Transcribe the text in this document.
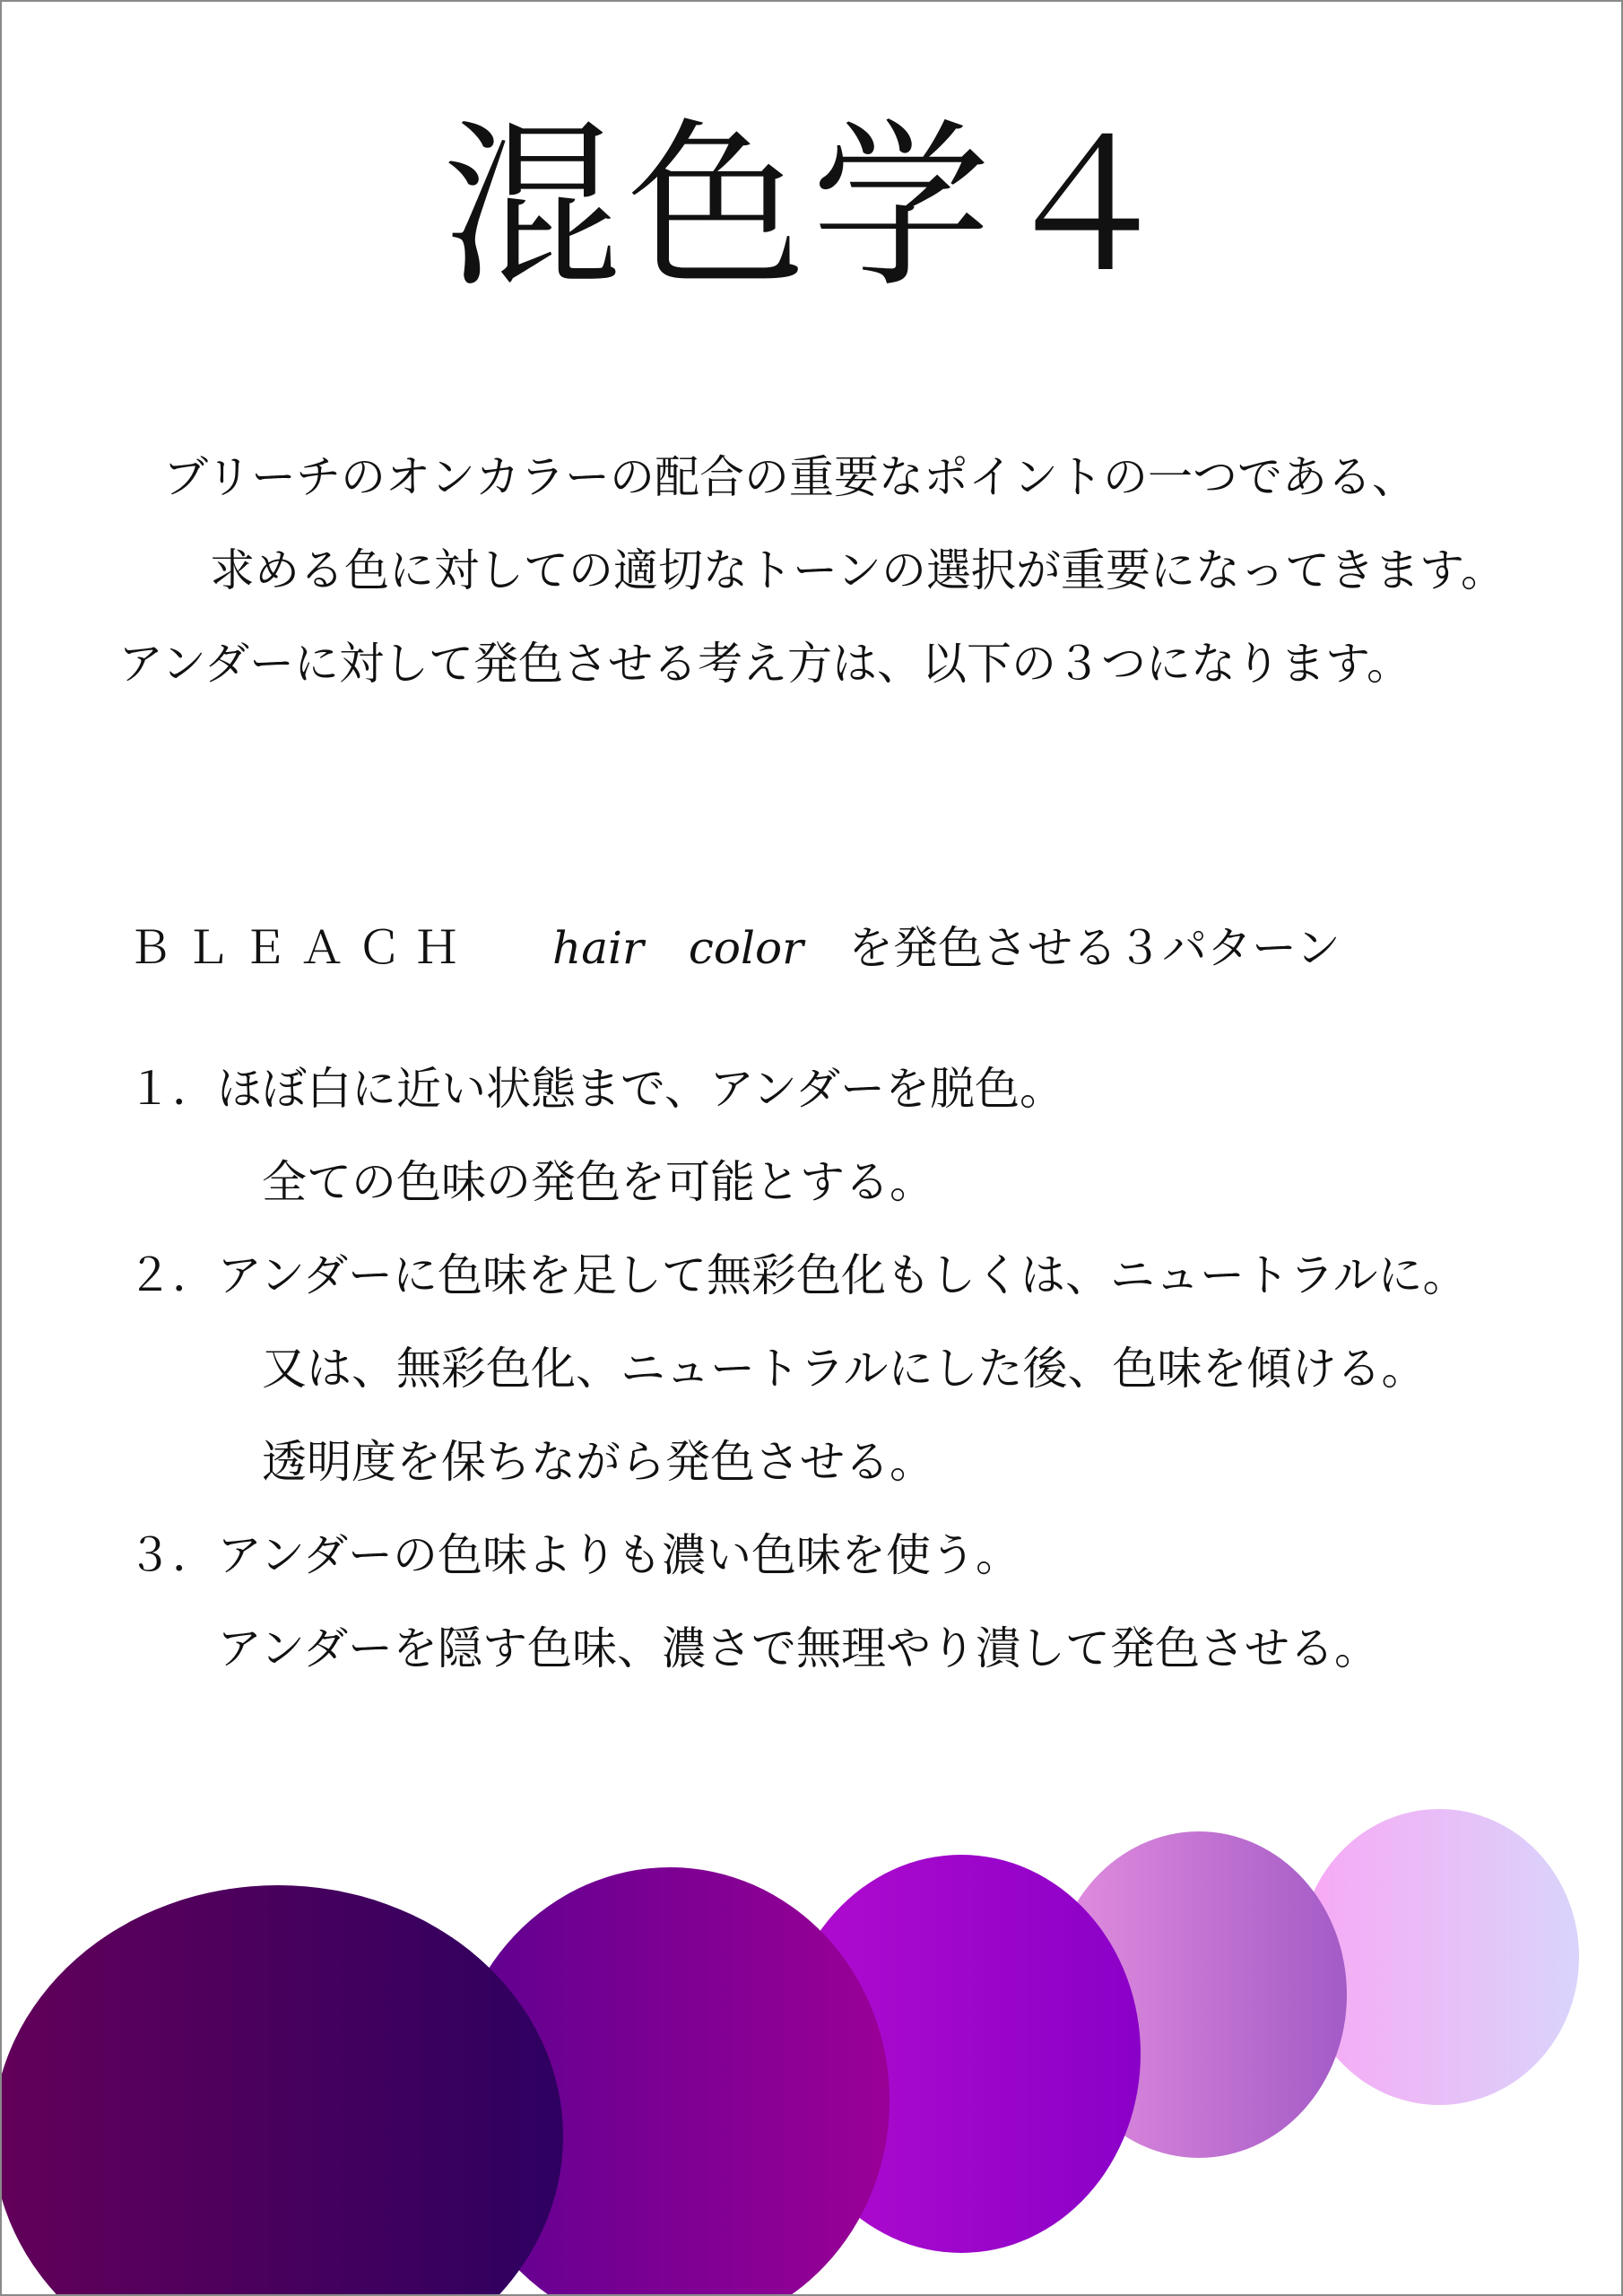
混色学４

ブリーチのオンカラーの配合の重要なポイントの一つである、

求める色に対しての適切なトーンの選択が重要になってきます。

アンダーに対して発色させる考え方は、以下の３つになります。

ＢＬＥＡＣＨ hair color を発色させる３パターン

１．ほぼ白に近い状態まで、アンダーを脱色。

全ての色味の発色を可能とする。

２．アンダーに色味を足して無彩色化もしくは、ニュートラルに。

又は、無彩色化、ニュートラルにした後、色味を傾ける。

透明度を保ちながら発色させる。

３．アンダーの色味よりも濃い色味を使う。

アンダーを隠す色味、濃さで無理やり潰して発色させる。
